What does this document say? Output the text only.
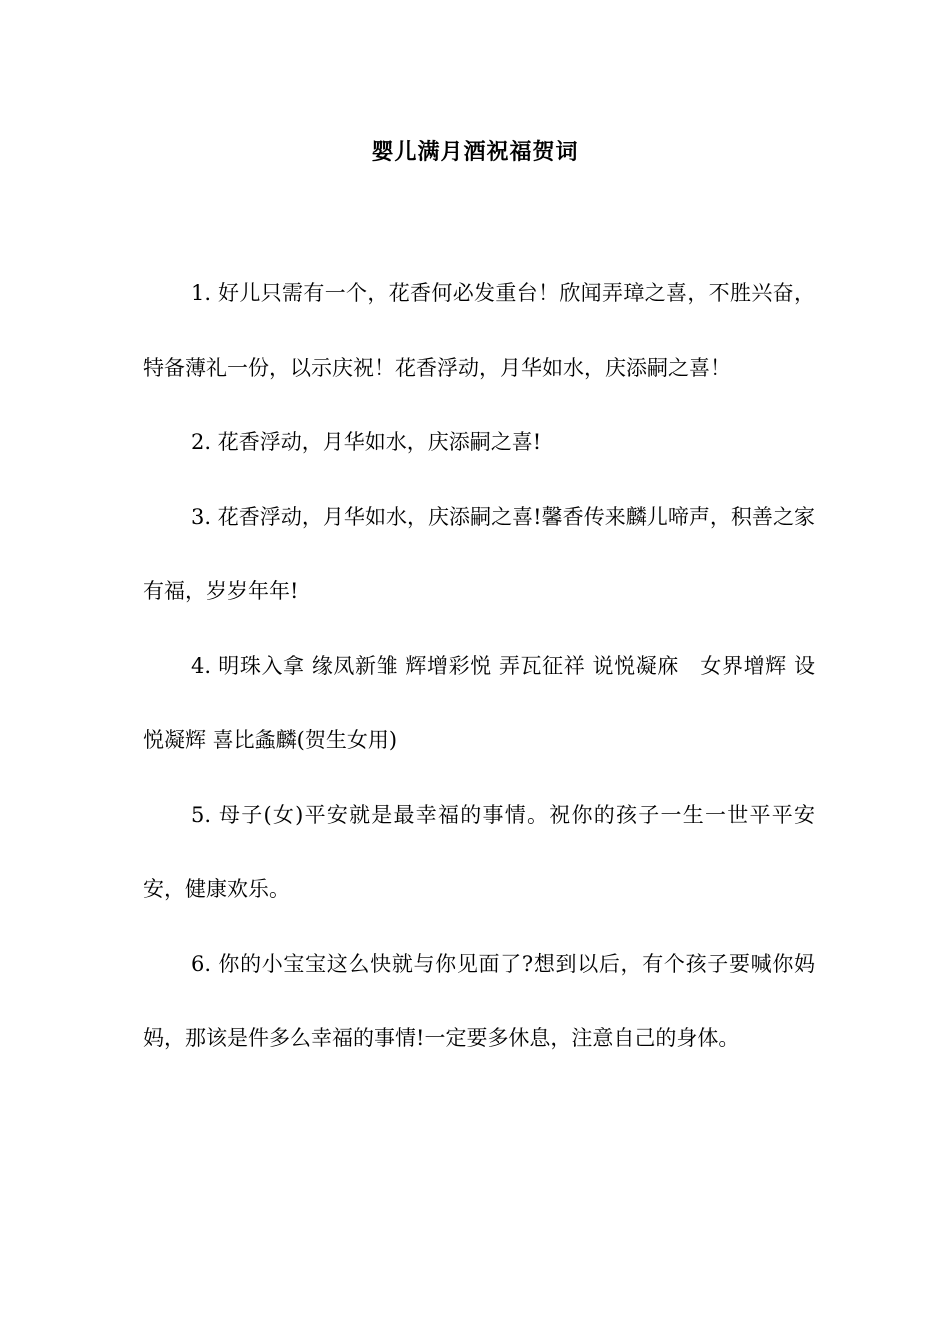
婴儿满月酒祝福贺词

1. 好儿只需有一个，花香何必发重台！欣闻弄璋之喜，不胜兴奋，特备薄礼一份，以示庆祝！花香浮动，月华如水，庆添嗣之喜！

2. 花香浮动，月华如水，庆添嗣之喜!

3. 花香浮动，月华如水，庆添嗣之喜!馨香传来麟儿啼声，积善之家有福，岁岁年年!

4. 明珠入拿 缘凤新雏 辉增彩悦 弄瓦征祥 说悦凝庥　女界增辉 设悦凝辉 喜比螽麟(贺生女用)

5. 母子(女)平安就是最幸福的事情。祝你的孩子一生一世平平安安，健康欢乐。

6. 你的小宝宝这么快就与你见面了?想到以后，有个孩子要喊你妈妈，那该是件多么幸福的事情!一定要多休息，注意自己的身体。
